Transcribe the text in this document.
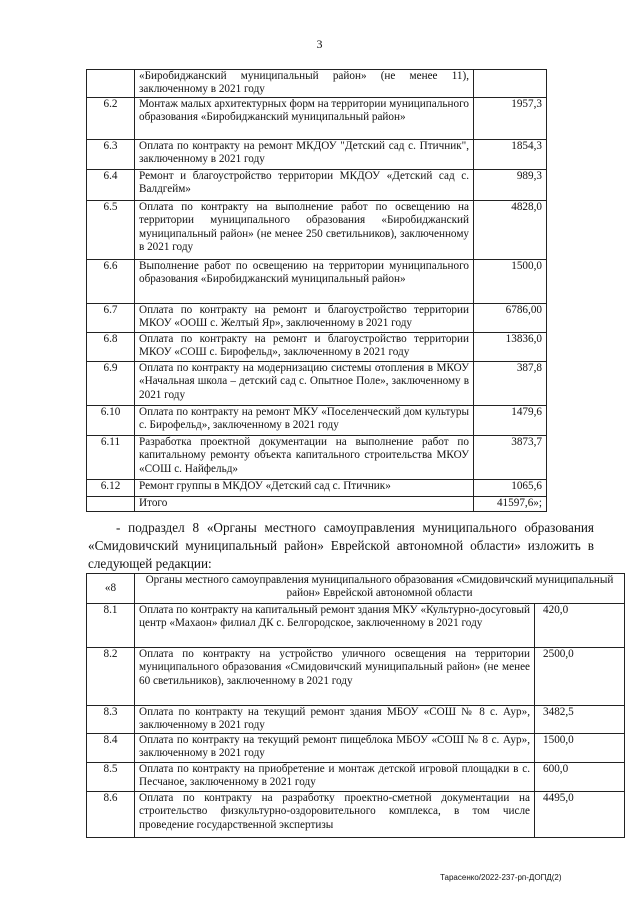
3
	«Биробиджанский муниципальный район» (не менее 11), заключенному в 2021 году	
6.2	Монтаж малых архитектурных форм на территории муниципального образования «Биробиджанский муниципальный район»	1957,3
6.3	Оплата по контракту на ремонт МКДОУ "Детский сад с. Птичник", заключенному в 2021 году	1854,3
6.4	Ремонт и благоустройство территории МКДОУ «Детский сад с. Валдгейм»	989,3
6.5	Оплата по контракту на выполнение работ по освещению на территории муниципального образования «Биробиджанский муниципальный район» (не менее 250 светильников), заключенному в 2021 году	4828,0
6.6	Выполнение работ по освещению на территории муниципального образования «Биробиджанский муниципальный район»	1500,0
6.7	Оплата по контракту на ремонт и благоустройство территории МКОУ «ООШ с. Желтый Яр», заключенному в 2021 году	6786,00
6.8	Оплата по контракту на ремонт и благоустройство территории МКОУ «СОШ с. Бирофельд», заключенному в 2021 году	13836,0
6.9	Оплата по контракту на модернизацию системы отопления в МКОУ «Начальная школа – детский сад с. Опытное Поле», заключенному в 2021 году	387,8
6.10	Оплата по контракту на ремонт МКУ «Поселенческий дом культуры с. Бирофельд», заключенному в 2021 году	1479,6
6.11	Разработка проектной документации на выполнение работ по капитальному ремонту объекта капитального строительства МКОУ «СОШ с. Найфельд»	3873,7
6.12	Ремонт группы в МКДОУ «Детский сад с. Птичник»	1065,6
	Итого	41597,6»;

- подраздел 8 «Органы местного самоуправления муниципального образования «Смидовичский муниципальный район» Еврейской автономной области» изложить в следующей редакции:

«8	Органы местного самоуправления муниципального образования «Смидовичский муниципальный район» Еврейской автономной области	
8.1	Оплата по контракту на капитальный ремонт здания МКУ «Культурно-досуговый центр «Махаон» филиал ДК с. Белгородское, заключенному в 2021 году	420,0
8.2	Оплата по контракту на устройство уличного освещения на территории муниципального образования «Смидовичский муниципальный район» (не менее 60 светильников), заключенному в 2021 году	2500,0
8.3	Оплата по контракту на текущий ремонт здания МБОУ «СОШ № 8 с. Аур», заключенному в 2021 году	3482,5
8.4	Оплата по контракту на текущий ремонт пищеблока МБОУ «СОШ № 8 с. Аур», заключенному в 2021 году	1500,0
8.5	Оплата по контракту на приобретение и монтаж детской игровой площадки в с. Песчаное, заключенному в 2021 году	600,0
8.6	Оплата по контракту на разработку проектно-сметной документации на строительство физкультурно-оздоровительного комплекса, в том числе проведение государственной экспертизы	4495,0
Тарасенко/2022-237-рп-ДОПД(2)
